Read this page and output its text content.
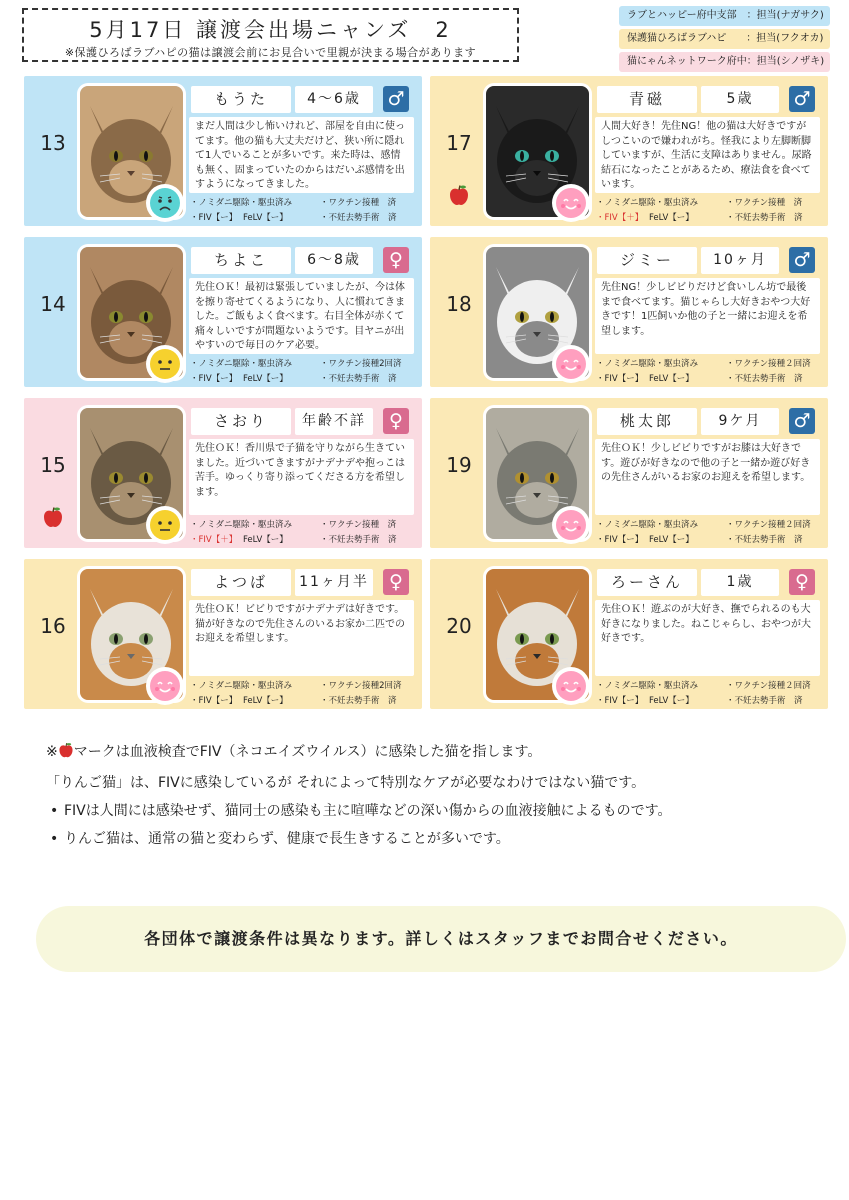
5月17日 譲渡会出場ニャンズ　2
※保護ひろばラブハピの猫は譲渡会前にお見合いで里親が決まる場合があります
ラブとハッピー府中支部　：担当(ナガサク)
保護猫ひろばラブハピ　　：担当(フクオカ)
猫にゃんネットワーク府中：担当(シノザキ)
13
もうた	4～6歳	♂
まだ人間は少し怖いけれど、部屋を自由に使ってます。他の猫も大丈夫だけど、狭い所に隠れて1人でいることが多いです。来た時は、感情も無く、固まっていたのからはだいぶ感情を出すようになってきました。
・ノミダニ駆除・駆虫済み	・ワクチン接種　済
・FIV【ー】 FeLV【ー】	・不妊去勢手術　済
14
ちよこ	6～8歳	♀
先住ＯＫ！最初は緊張していましたが、今は体を擦り寄せてくるようになり、人に慣れてきました。ご飯もよく食べます。右目全体が赤くて痛々しいですが問題ないようです。目ヤニが出やすいので毎日のケア必要。
・ノミダニ駆除・駆虫済み	・ワクチン接種2回済
・FIV【ー】 FeLV【ー】	・不妊去勢手術　済
15
さおり	年齢不詳	♀
先住ＯＫ！香川県で子猫を守りながら生きていました。近づいてきますがナデナデや抱っこは苦手。ゆっくり寄り添ってくださる方を希望します。
・ノミダニ駆除・駆虫済み	・ワクチン接種　済
・FIV【＋】 FeLV【ー】	・不妊去勢手術　済
16
よつば	11ヶ月半	♀
先住ＯＫ！ビビりですがナデナデは好きです。猫が好きなので先住さんのいるお家か二匹でのお迎えを希望します。
・ノミダニ駆除・駆虫済み	・ワクチン接種2回済
・FIV【ー】 FeLV【ー】	・不妊去勢手術　済
17
青磁	5歳	♂
人間大好き！先住NG！他の猫は大好きですがしつこいので嫌われがち。怪我により左脚断脚していますが、生活に支障はありません。尿路結石になったことがあるため、療法食を食べています。
・ノミダニ駆除・駆虫済み	・ワクチン接種　済
・FIV【＋】 FeLV【ー】	・不妊去勢手術　済
18
ジミー	10ヶ月	♂
先住NG！少しビビりだけど食いしん坊で最後まで食べてます。猫じゃらし大好きおやつ大好きです！1匹飼いか他の子と一緒にお迎えを希望します。
・ノミダニ駆除・駆虫済み	・ワクチン接種２回済
・FIV【ー】 FeLV【ー】	・不妊去勢手術　済
19
桃太郎	9ケ月	♂
先住ＯＫ！少しビビりですがお膝は大好きです。遊びが好きなので他の子と一緒か遊び好きの先住さんがいるお家のお迎えを希望します。
・ノミダニ駆除・駆虫済み	・ワクチン接種２回済
・FIV【ー】 FeLV【ー】	・不妊去勢手術　済
20
ろーさん	1歳	♀
先住ＯＫ！遊ぶのが大好き、撫でられるのも大好きになりました。ねこじゃらし、おやつが大好きです。
・ノミダニ駆除・駆虫済み	・ワクチン接種２回済
・FIV【ー】 FeLV【ー】	・不妊去勢手術　済
※ マークは血液検査でFIV（ネコエイズウイルス）に感染した猫を指します。
「りんご猫」は、FIVに感染しているが それによって特別なケアが必要なわけではない猫です。
• FIVは人間には感染せず、猫同士の感染も主に喧嘩などの深い傷からの血液接触によるものです。
• りんご猫は、通常の猫と変わらず、健康で長生きすることが多いです。
各団体で譲渡条件は異なります。詳しくはスタッフまでお問合せください。
